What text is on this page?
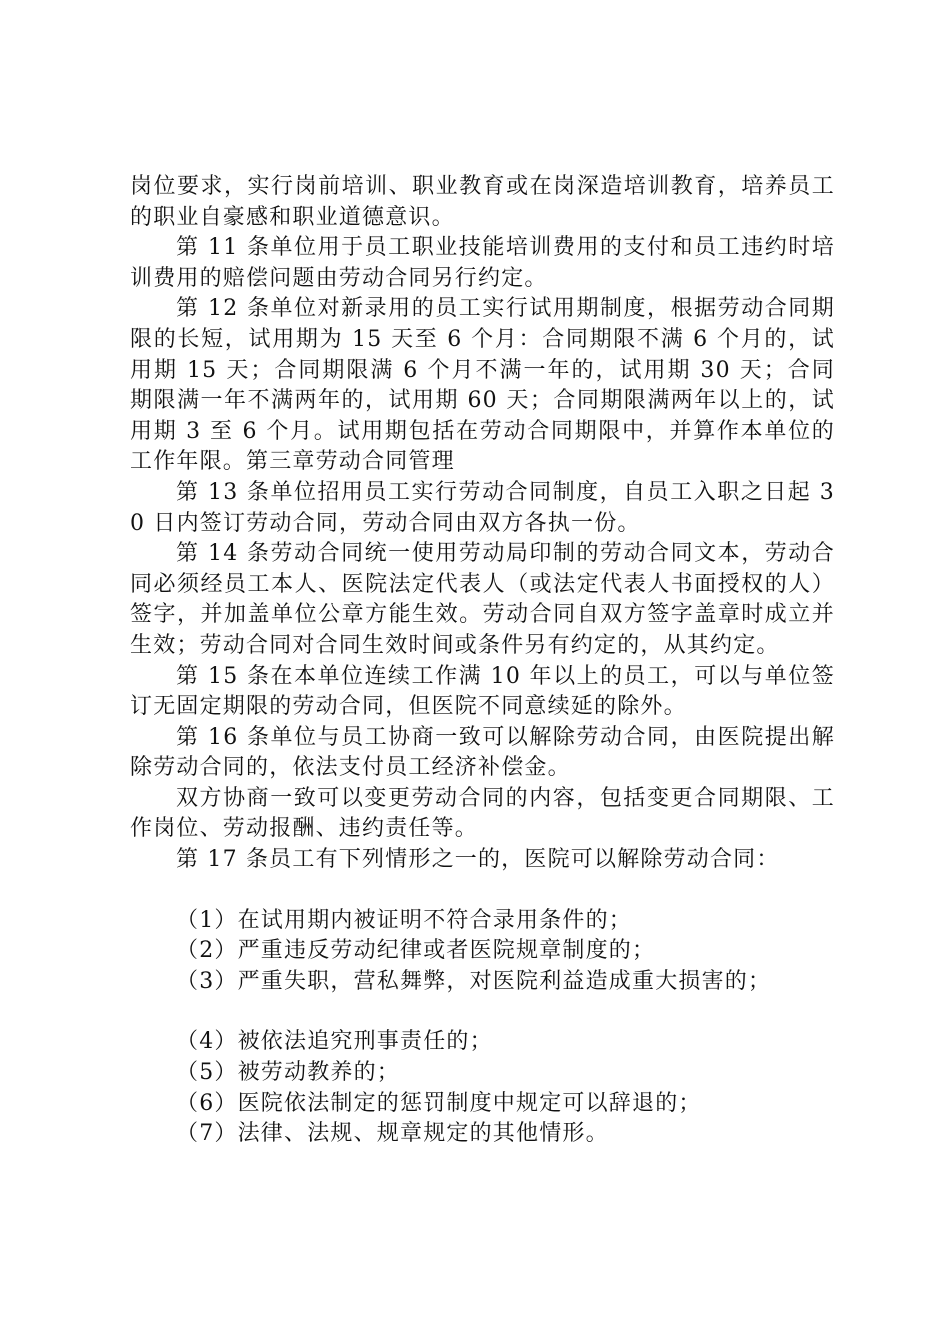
岗位要求，实行岗前培训、职业教育或在岗深造培训教育，培养员工的职业自豪感和职业道德意识。

第 11 条单位用于员工职业技能培训费用的支付和员工违约时培训费用的赔偿问题由劳动合同另行约定。

第 12 条单位对新录用的员工实行试用期制度，根据劳动合同期限的长短，试用期为 15 天至 6 个月：合同期限不满 6 个月的，试用期 15 天；合同期限满 6 个月不满一年的，试用期 30 天；合同期限满一年不满两年的，试用期 60 天；合同期限满两年以上的，试用期 3 至 6 个月。试用期包括在劳动合同期限中，并算作本单位的工作年限。第三章劳动合同管理

第 13 条单位招用员工实行劳动合同制度，自员工入职之日起 30 日内签订劳动合同，劳动合同由双方各执一份。

第 14 条劳动合同统一使用劳动局印制的劳动合同文本，劳动合同必须经员工本人、医院法定代表人（或法定代表人书面授权的人）签字，并加盖单位公章方能生效。劳动合同自双方签字盖章时成立并生效；劳动合同对合同生效时间或条件另有约定的，从其约定。

第 15 条在本单位连续工作满 10 年以上的员工，可以与单位签订无固定期限的劳动合同，但医院不同意续延的除外。

第 16 条单位与员工协商一致可以解除劳动合同，由医院提出解除劳动合同的，依法支付员工经济补偿金。

双方协商一致可以变更劳动合同的内容，包括变更合同期限、工作岗位、劳动报酬、违约责任等。

第 17 条员工有下列情形之一的，医院可以解除劳动合同：

（1）在试用期内被证明不符合录用条件的；
（2）严重违反劳动纪律或者医院规章制度的；
（3）严重失职，营私舞弊，对医院利益造成重大损害的；
（4）被依法追究刑事责任的；
（5）被劳动教养的；
（6）医院依法制定的惩罚制度中规定可以辞退的；
（7）法律、法规、规章规定的其他情形。
